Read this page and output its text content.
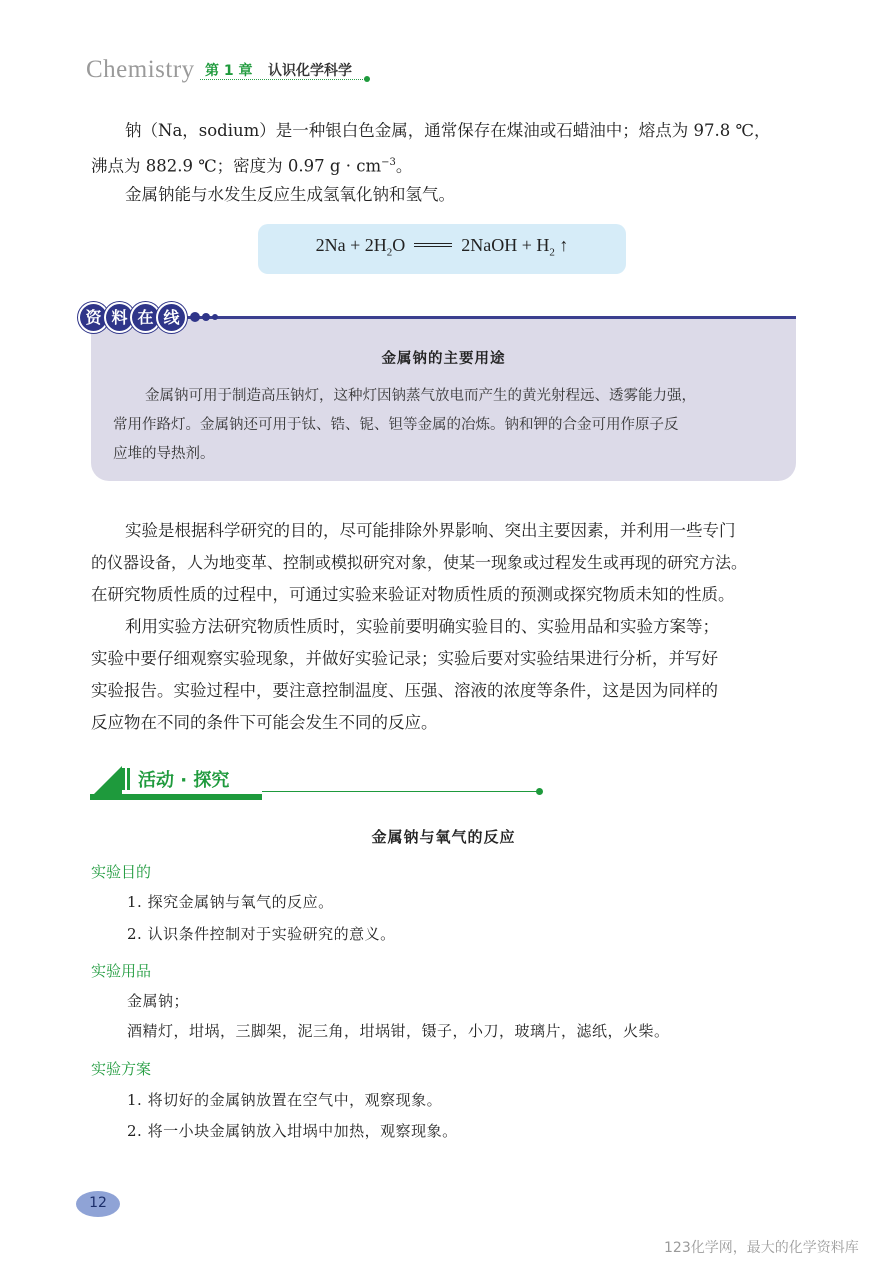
Chemistry 第 1 章 认识化学科学
钠（Na，sodium）是一种银白色金属，通常保存在煤油或石蜡油中；熔点为 97.8 ℃，
沸点为 882.9 ℃；密度为 0.97 $g \cdot cm^{-3}$。
金属钠能与水发生反应生成氢氧化钠和氢气。
$2Na + 2H_2O$	2NaOH + $H_2$ ↑
资 料 在 线
金属钠的主要用途
金属钠可用于制造高压钠灯，这种灯因钠蒸气放电而产生的黄光射程远、透雾能力强，
常用作路灯。金属钠还可用于钛、锆、铌、钽等金属的冶炼。钠和钾的合金可用作原子反
应堆的导热剂。
实验是根据科学研究的目的，尽可能排除外界影响、突出主要因素，并利用一些专门
的仪器设备，人为地变革、控制或模拟研究对象，使某一现象或过程发生或再现的研究方法。
在研究物质性质的过程中，可通过实验来验证对物质性质的预测或探究物质未知的性质。
利用实验方法研究物质性质时，实验前要明确实验目的、实验用品和实验方案等；
实验中要仔细观察实验现象，并做好实验记录；实验后要对实验结果进行分析，并写好
实验报告。实验过程中，要注意控制温度、压强、溶液的浓度等条件，这是因为同样的
反应物在不同的条件下可能会发生不同的反应。
活动 · 探究
金属钠与氧气的反应
实验目的
1. 探究金属钠与氧气的反应。
2. 认识条件控制对于实验研究的意义。
实验用品
金属钠；
酒精灯，坩埚，三脚架，泥三角，坩埚钳，镊子，小刀，玻璃片，滤纸，火柴。
实验方案
1. 将切好的金属钠放置在空气中，观察现象。
2. 将一小块金属钠放入坩埚中加热，观察现象。
12
123化学网，最大的化学资料库
